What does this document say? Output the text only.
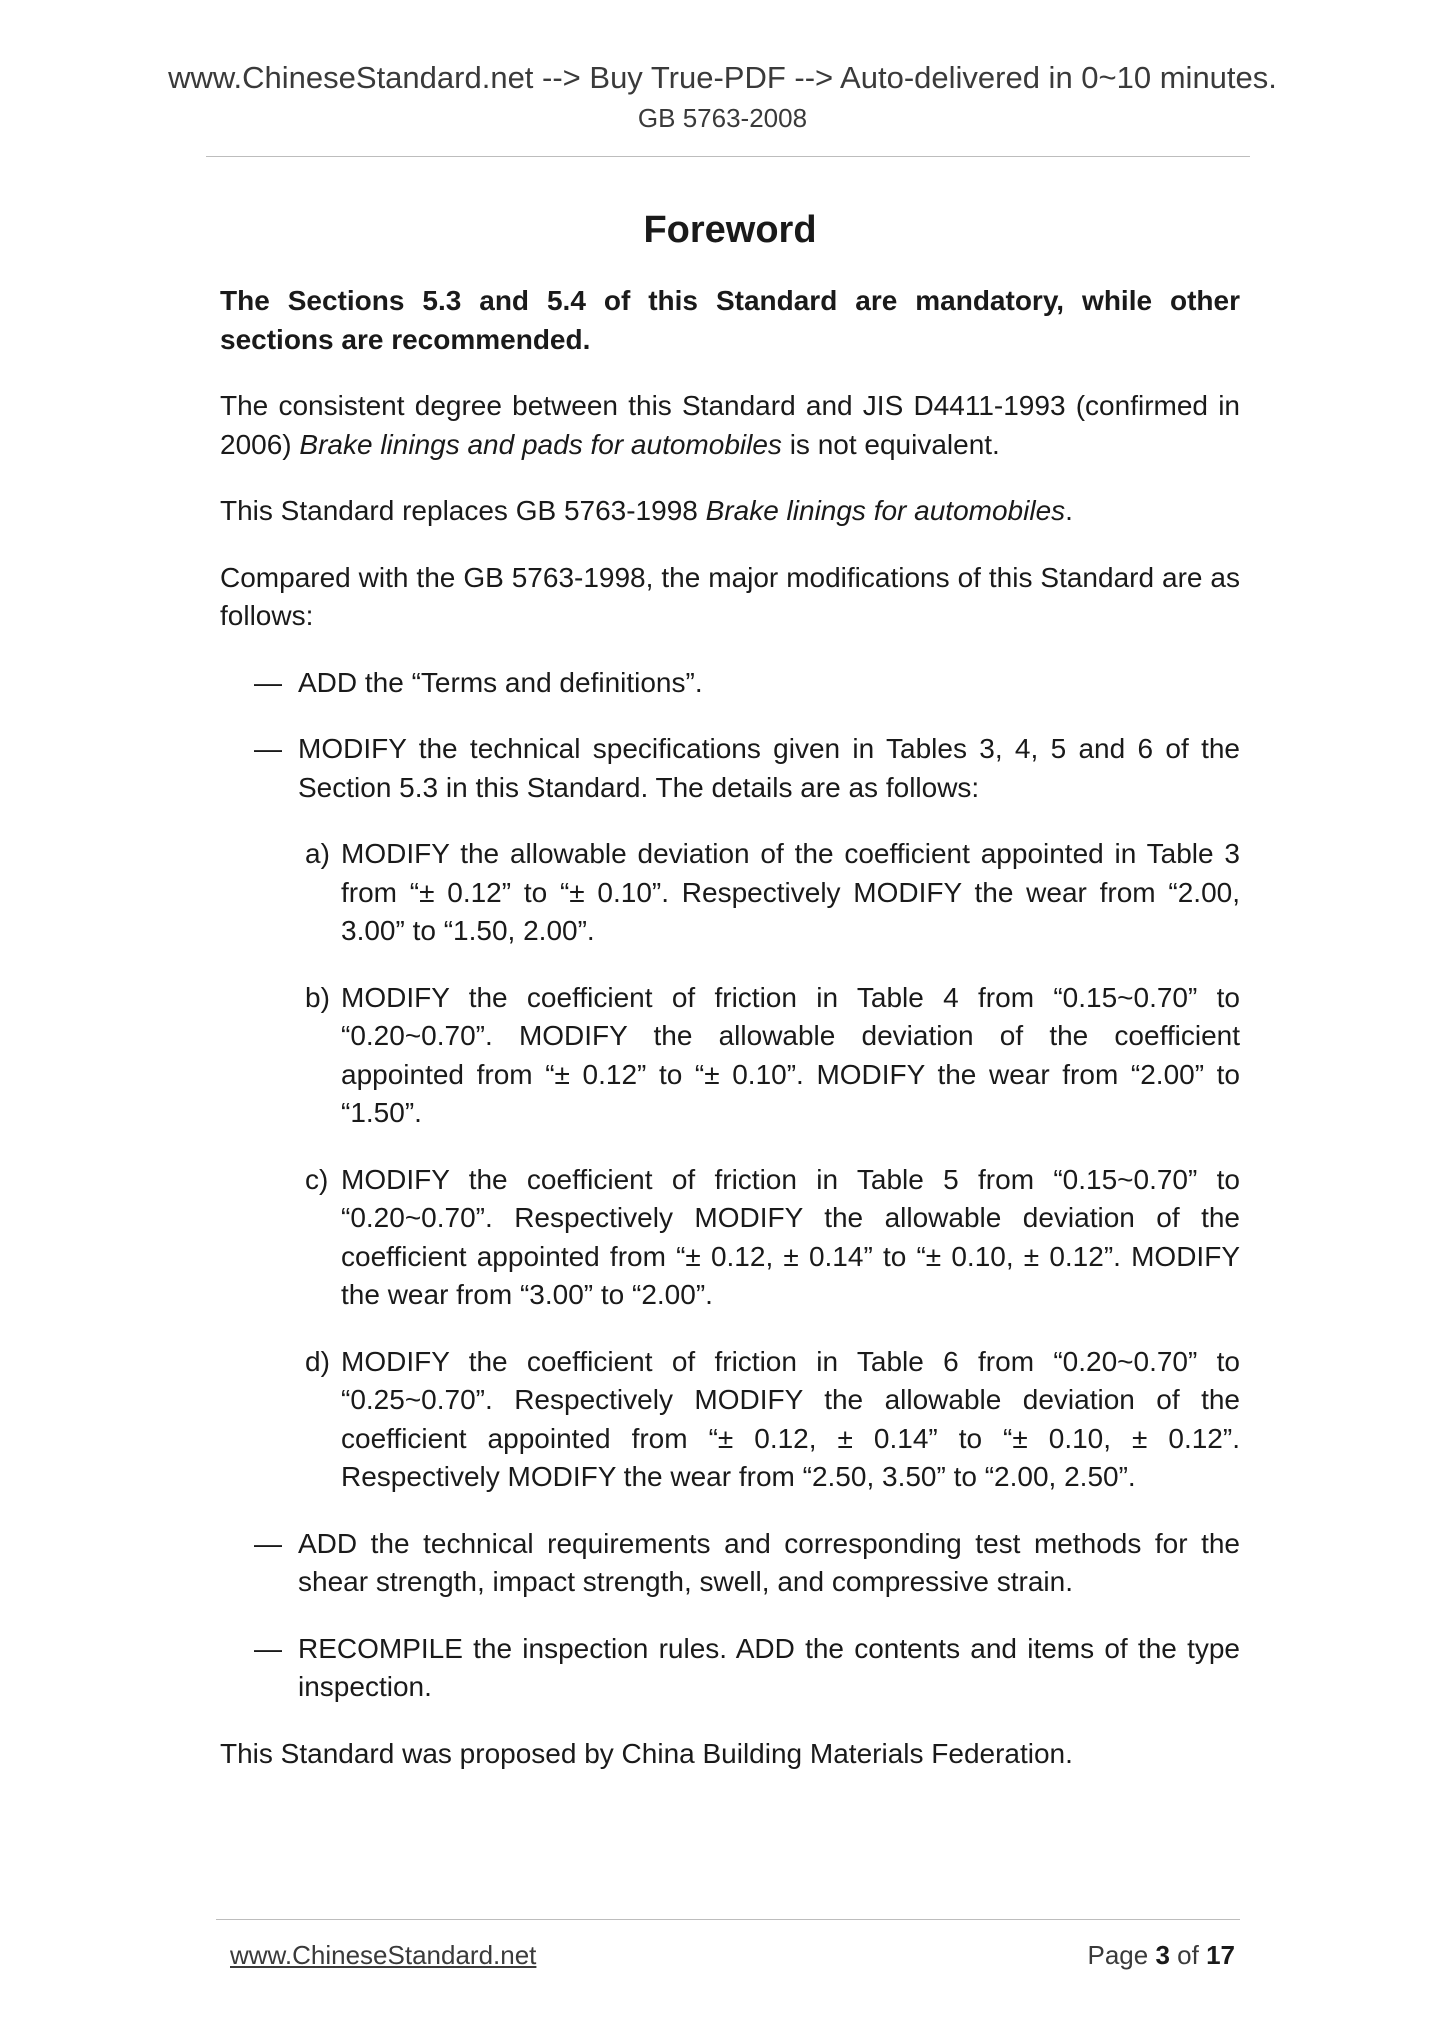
www.ChineseStandard.net --> Buy True-PDF --> Auto-delivered in 0~10 minutes.
GB 5763-2008
Foreword

The Sections 5.3 and 5.4 of this Standard are mandatory, while other sections are recommended.

The consistent degree between this Standard and JIS D4411-1993 (confirmed in 2006) Brake linings and pads for automobiles is not equivalent.

This Standard replaces GB 5763-1998 Brake linings for automobiles.

Compared with the GB 5763-1998, the major modifications of this Standard are as follows:

— ADD the “Terms and definitions”.
— MODIFY the technical specifications given in Tables 3, 4, 5 and 6 of the Section 5.3 in this Standard. The details are as follows:
a) MODIFY the allowable deviation of the coefficient appointed in Table 3 from “± 0.12” to “± 0.10”. Respectively MODIFY the wear from “2.00, 3.00” to “1.50, 2.00”.
b) MODIFY the coefficient of friction in Table 4 from “0.15~0.70” to “0.20~0.70”. MODIFY the allowable deviation of the coefficient appointed from “± 0.12” to “± 0.10”. MODIFY the wear from “2.00” to “1.50”.
c) MODIFY the coefficient of friction in Table 5 from “0.15~0.70” to “0.20~0.70”. Respectively MODIFY the allowable deviation of the coefficient appointed from “± 0.12, ± 0.14” to “± 0.10, ± 0.12”. MODIFY the wear from “3.00” to “2.00”.
d) MODIFY the coefficient of friction in Table 6 from “0.20~0.70” to “0.25~0.70”. Respectively MODIFY the allowable deviation of the coefficient appointed from “± 0.12, ± 0.14” to “± 0.10, ± 0.12”. Respectively MODIFY the wear from “2.50, 3.50” to “2.00, 2.50”.
— ADD the technical requirements and corresponding test methods for the shear strength, impact strength, swell, and compressive strain.
— RECOMPILE the inspection rules. ADD the contents and items of the type inspection.

This Standard was proposed by China Building Materials Federation.

www.ChineseStandard.net	Page 3 of 17
